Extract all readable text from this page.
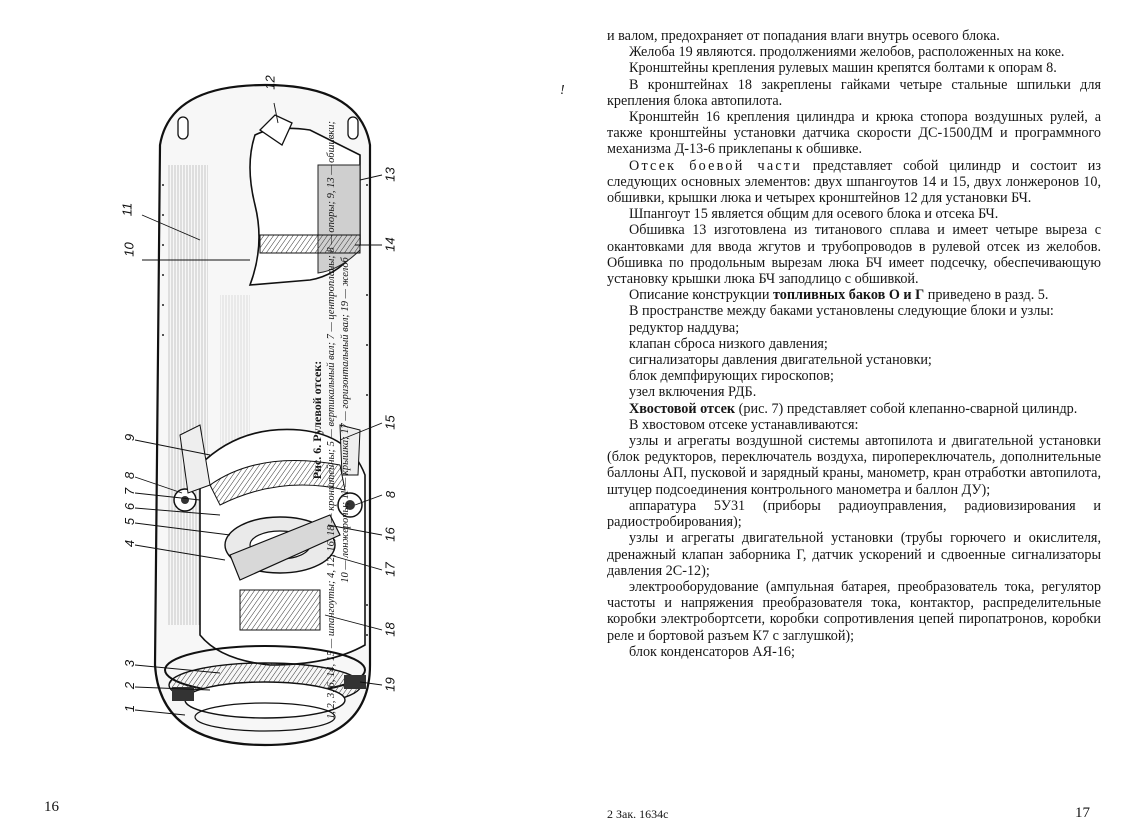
11
10
9
8
7
6
5
4
3
2
1
12
13
14
15
8
16
17
18
19
Рис. 6. Рулевой отсек: 1, 2, 3, 6, 14, 15 — шпангоуты; 4, 12, 16, 18 — кронштейны; 5 — вертикальный вал; 7 — центропланы; 8 — опоры; 9, 13 — обшивки; 10 — лонжероны; 11 — крышка; 17 — горизонтальный вал; 19 — желоб
16
!

и валом, предохраняет от попадания влаги внутрь осевого блока.

Желоба 19 являются. продолжениями желобов, расположенных на коке.

Кронштейны крепления рулевых машин крепятся болтами к опорам 8.

В кронштейнах 18 закреплены гайками четыре стальные шпильки для крепления блока автопилота.

Кронштейн 16 крепления цилиндра и крюка стопора воздушных рулей, а также кронштейны установки датчика скорости ДС-1500ДМ и программного механизма Д-13-6 приклепаны к обшивке.

Отсек боевой части представляет собой цилиндр и состоит из следующих основных элементов: двух шпангоутов 14 и 15, двух лонжеронов 10, обшивки, крышки люка и четырех кронштейнов 12 для установки БЧ.

Шпангоут 15 является общим для осевого блока и отсека БЧ.

Обшивка 13 изготовлена из титанового сплава и имеет четыре выреза с окантовками для ввода жгутов и трубопроводов в рулевой отсек из желобов. Обшивка по продольным вырезам люка БЧ имеет подсечку, обеспечивающую установку крышки люка БЧ заподлицо с обшивкой.

Описание конструкции топливных баков О и Г приведено в разд. 5.

В пространстве между баками установлены следующие блоки и узлы:

редуктор наддува;

клапан сброса низкого давления;

сигнализаторы давления двигательной установки;

блок демпфирующих гироскопов;

узел включения РДБ.

Хвостовой отсек (рис. 7) представляет собой клепанно-сварной цилиндр.

В хвостовом отсеке устанавливаются:

узлы и агрегаты воздушной системы автопилота и двигательной установки (блок редукторов, переключатель воздуха, пиропереключатель, дополнительные баллоны АП, пусковой и зарядный краны, манометр, кран отработки автопилота, штуцер подсоединения контрольного манометра и баллон ДУ);

аппаратура 5У31 (приборы радиоуправления, радиовизирования и радиостробирования);

узлы и агрегаты двигательной установки (трубы горючего и окислителя, дренажный клапан заборника Г, датчик ускорений и сдвоенные сигнализаторы давления 2С-12);

электрооборудование (ампульная батарея, преобразователь тока, регулятор частоты и напряжения преобразователя тока, контактор, распределительные коробки электробортсети, коробки сопротивления цепей пиропатронов, коробки реле и бортовой разъем К7 с заглушкой);

блок конденсаторов АЯ-16;

2 Зак. 1634с	17
